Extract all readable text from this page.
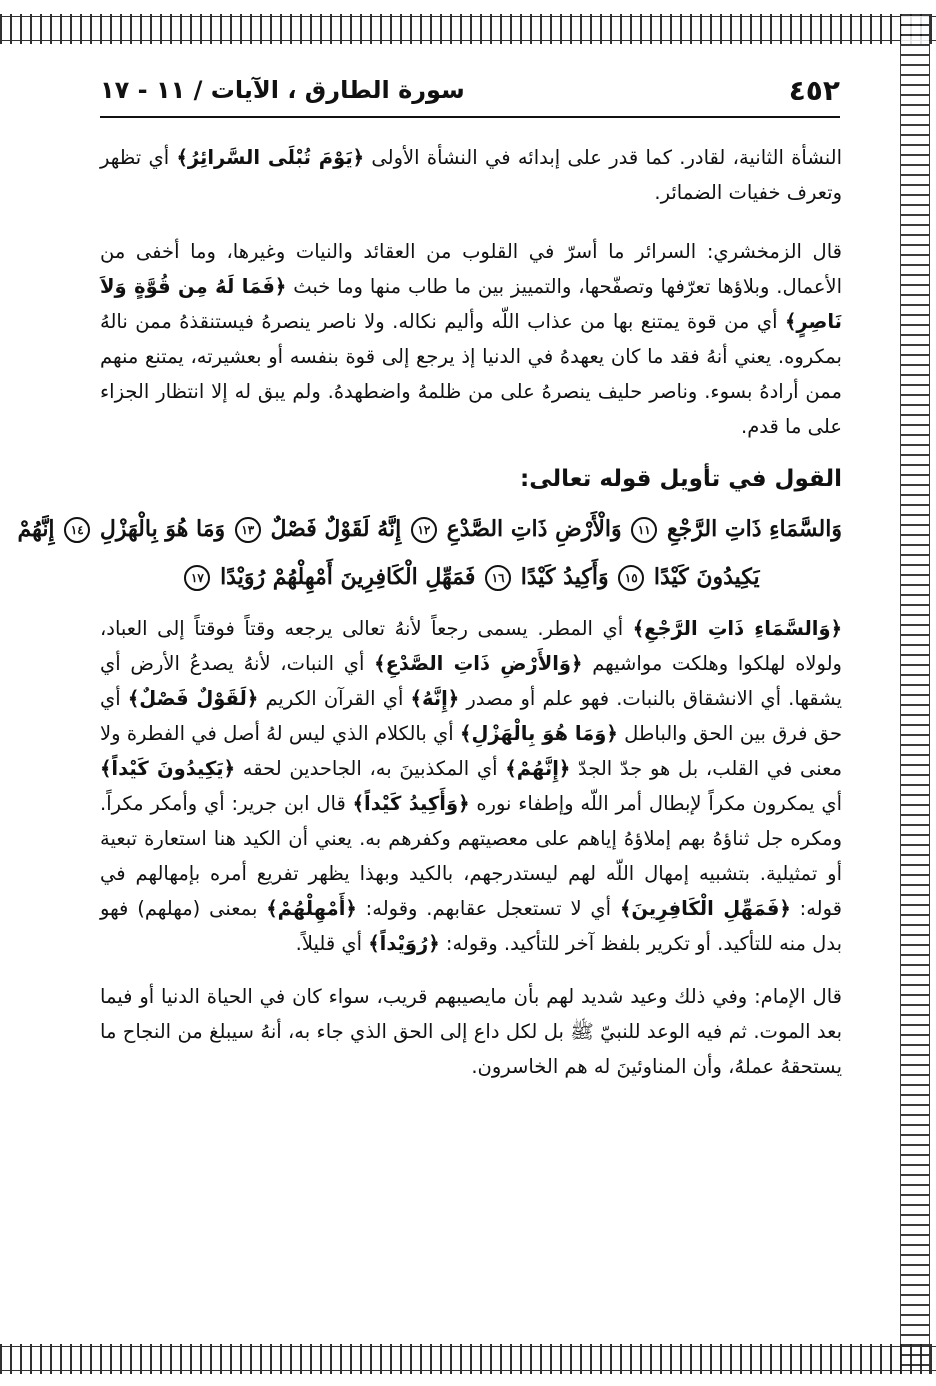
٤٥٢
سورة الطارق ، الآيات / ١١ - ١٧

النشأة الثانية، لقادر. كما قدر على إبدائه في النشأة الأولى ﴿يَوْمَ تُبْلَى السَّرائِرُ﴾ أي تظهر وتعرف خفيات الضمائر.

قال الزمخشري: السرائر ما أسرّ في القلوب من العقائد والنيات وغيرها، وما أخفى من الأعمال. وبلاؤها تعرّفها وتصفّحها، والتمييز بين ما طاب منها وما خبث ﴿فَمَا لَهُ مِن قُوَّةٍ وَلاَ نَاصِرٍ﴾ أي من قوة يمتنع بها من عذاب اللّه وأليم نكاله. ولا ناصر ينصرهُ فيستنقذهُ ممن نالهُ بمكروه. يعني أنهُ فقد ما كان يعهدهُ في الدنيا إذ يرجع إلى قوة بنفسه أو بعشيرته، يمتنع منهم ممن أرادهُ بسوء. وناصر حليف ينصرهُ على من ظلمهُ واضطهدهُ. ولم يبق له إلا انتظار الجزاء على ما قدم.

القول في تأويل قوله تعالى:

وَالسَّمَاءِ ذَاتِ الرَّجْعِ ١١ وَالْأَرْضِ ذَاتِ الصَّدْعِ ١٢ إِنَّهُ لَقَوْلٌ فَصْلٌ ١٣ وَمَا هُوَ بِالْهَزْلِ ١٤ إِنَّهُمْ
يَكِيدُونَ كَيْدًا ١٥ وَأَكِيدُ كَيْدًا ١٦ فَمَهِّلِ الْكَافِرِينَ أَمْهِلْهُمْ رُوَيْدًا ١٧

﴿وَالسَّمَاءِ ذَاتِ الرَّجْعِ﴾ أي المطر. يسمى رجعاً لأنهُ تعالى يرجعه وقتاً فوقتاً إلى العباد، ولولاه لهلكوا وهلكت مواشيهم ﴿وَالأَرْضِ ذَاتِ الصَّدْعِ﴾ أي النبات، لأنهُ يصدعُ الأرض أي يشقها. أي الانشقاق بالنبات. فهو علم أو مصدر ﴿إِنَّهُ﴾ أي القرآن الكريم ﴿لَقَوْلٌ فَصْلٌ﴾ أي حق فرق بين الحق والباطل ﴿وَمَا هُوَ بِالْهَزْلِ﴾ أي بالكلام الذي ليس لهُ أصل في الفطرة ولا معنى في القلب، بل هو جدّ الجدّ ﴿إِنَّهُمْ﴾ أي المكذبينَ به، الجاحدين لحقه ﴿يَكِيدُونَ كَيْداً﴾ أي يمكرون مكراً لإبطال أمر اللّه وإطفاء نوره ﴿وَأَكِيدُ كَيْداً﴾ قال ابن جرير: أي وأمكر مكراً. ومكره جل ثناؤهُ بهم إملاؤهُ إياهم على معصيتهم وكفرهم به. يعني أن الكيد هنا استعارة تبعية أو تمثيلية. بتشبيه إمهال اللّه لهم ليستدرجهم، بالكيد وبهذا يظهر تفريع أمره بإمهالهم في قوله: ﴿فَمَهِّلِ الْكَافِرِينَ﴾ أي لا تستعجل عقابهم. وقوله: ﴿أَمْهِلْهُمْ﴾ بمعنى (مهلهم) فهو بدل منه للتأكيد. أو تكرير بلفظ آخر للتأكيد. وقوله: ﴿رُوَيْداً﴾ أي قليلاً.

قال الإمام: وفي ذلك وعيد شديد لهم بأن مايصيبهم قريب، سواء كان في الحياة الدنيا أو فيما بعد الموت. ثم فيه الوعد للنبيّ ﷺ بل لكل داع إلى الحق الذي جاء به، أنهُ سيبلغ من النجاح ما يستحقهُ عملهُ، وأن المناوئينَ له هم الخاسرون.
